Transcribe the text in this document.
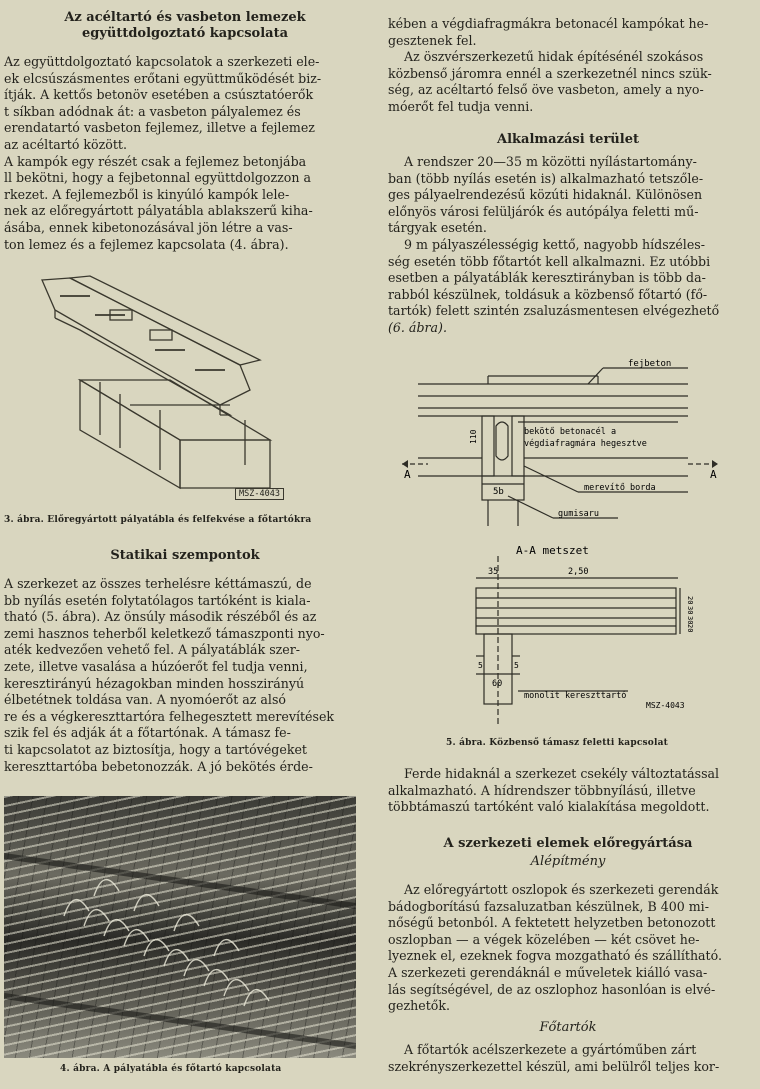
Az acéltartó és vasbeton lemezek
együttdolgoztató kapcsolata

Az együttdolgoztató kapcsolatok a szerkezeti ele-

ek elcsúszásmentes erőtani együttműködését biz-

ítják. A kettős betonöv esetében a csúsztatóerők

t síkban adódnak át: a vasbeton pályalemez és

erendatartó vasbeton fejlemez, illetve a fejlemez

az acéltartó között.

A kampók egy részét csak a fejlemez betonjába

ll bekötni, hogy a fejbetonnal együttdolgozzon a

rkezet. A fejlemezből is kinyúló kampók lele-

nek az előregyártott pályatábla ablakszerű kiha-

ásába, ennek kibetonozásával jön létre a vas-

ton lemez és a fejlemez kapcsolata (4. ábra).

MSZ-4043

3. ábra. Előregyártott pályatábla és felfekvése a főtartókra

Statikai szempontok

A szerkezet az összes terhelésre kéttámaszú, de

bb nyílás esetén folytatólagos tartóként is kiala-

tható (5. ábra). Az önsúly második részéből és az

zemi hasznos teherből keletkező támaszponti nyo-

aték kedvezően vehető fel. A pályatáblák szer-

zete, illetve vasalása a húzóerőt fel tudja venni,

keresztirányú hézagokban minden hosszirányú

élbetétnek toldása van. A nyomóerőt az alsó

re és a végkereszttartóra felhegesztett merevítések

szik fel és adják át a főtartónak. A támasz fe-

ti kapcsolatot az biztosítja, hogy a tartóvégeket

kereszttartóba bebetonozzák. A jó bekötés érde-

4. ábra. A pályatábla és főtartó kapcsolata

kében a végdiafragmákra betonacél kampókat he-

gesztenek fel.

Az öszvérszerkezetű hidak építésénél szokásos

közbenső járomra ennél a szerkezetnél nincs szük-

ség, az acéltartó felső öve vasbeton, amely a nyo-

móerőt fel tudja venni.

Alkalmazási terület

A rendszer 20—35 m közötti nyílástartomány-

ban (több nyílás esetén is) alkalmazható tetszőle-

ges pályaelrendezésű közúti hidaknál. Különösen

előnyös városi felüljárók és autópálya feletti mű-

tárgyak esetén.

9 m pályaszélességig kettő, nagyobb hídszéles-

ség esetén több főtartót kell alkalmazni. Ez utóbbi

esetben a pályatáblák keresztirányban is több da-

rabból készülnek, toldásuk a közbenső főtartó (fő-

tartók) felett szintén zsaluzásmentesen elvégezhető

(6. ábra).

fejbeton
bekötő betonacél a
végdiafragmára hegesztve
merevítő borda
gumisaru
110
5b
A	A
A-A metszet
2,50
35
5	5
60
20
30
30
20
monolit kereszttartó
MSZ-4043

5. ábra. Közbenső támasz feletti kapcsolat

Ferde hidaknál a szerkezet csekély változtatással

alkalmazható. A hídrendszer többnyílású, illetve

többtámaszú tartóként való kialakítása megoldott.

A szerkezeti elemek előregyártása
Alépítmény

Az előregyártott oszlopok és szerkezeti gerendák

bádogborítású fazsaluzatban készülnek, B 400 mi-

nőségű betonból. A fektetett helyzetben betonozott

oszlopban — a végek közelében — két csövet he-

lyeznek el, ezeknek fogva mozgatható és szállítható.

A szerkezeti gerendáknál e műveletek kiálló vasa-

lás segítségével, de az oszlophoz hasonlóan is elvé-

gezhetők.

Főtartók

A főtartók acélszerkezete a gyártóműben zárt

szekrényszerkezettel készül, ami belülről teljes kor-
